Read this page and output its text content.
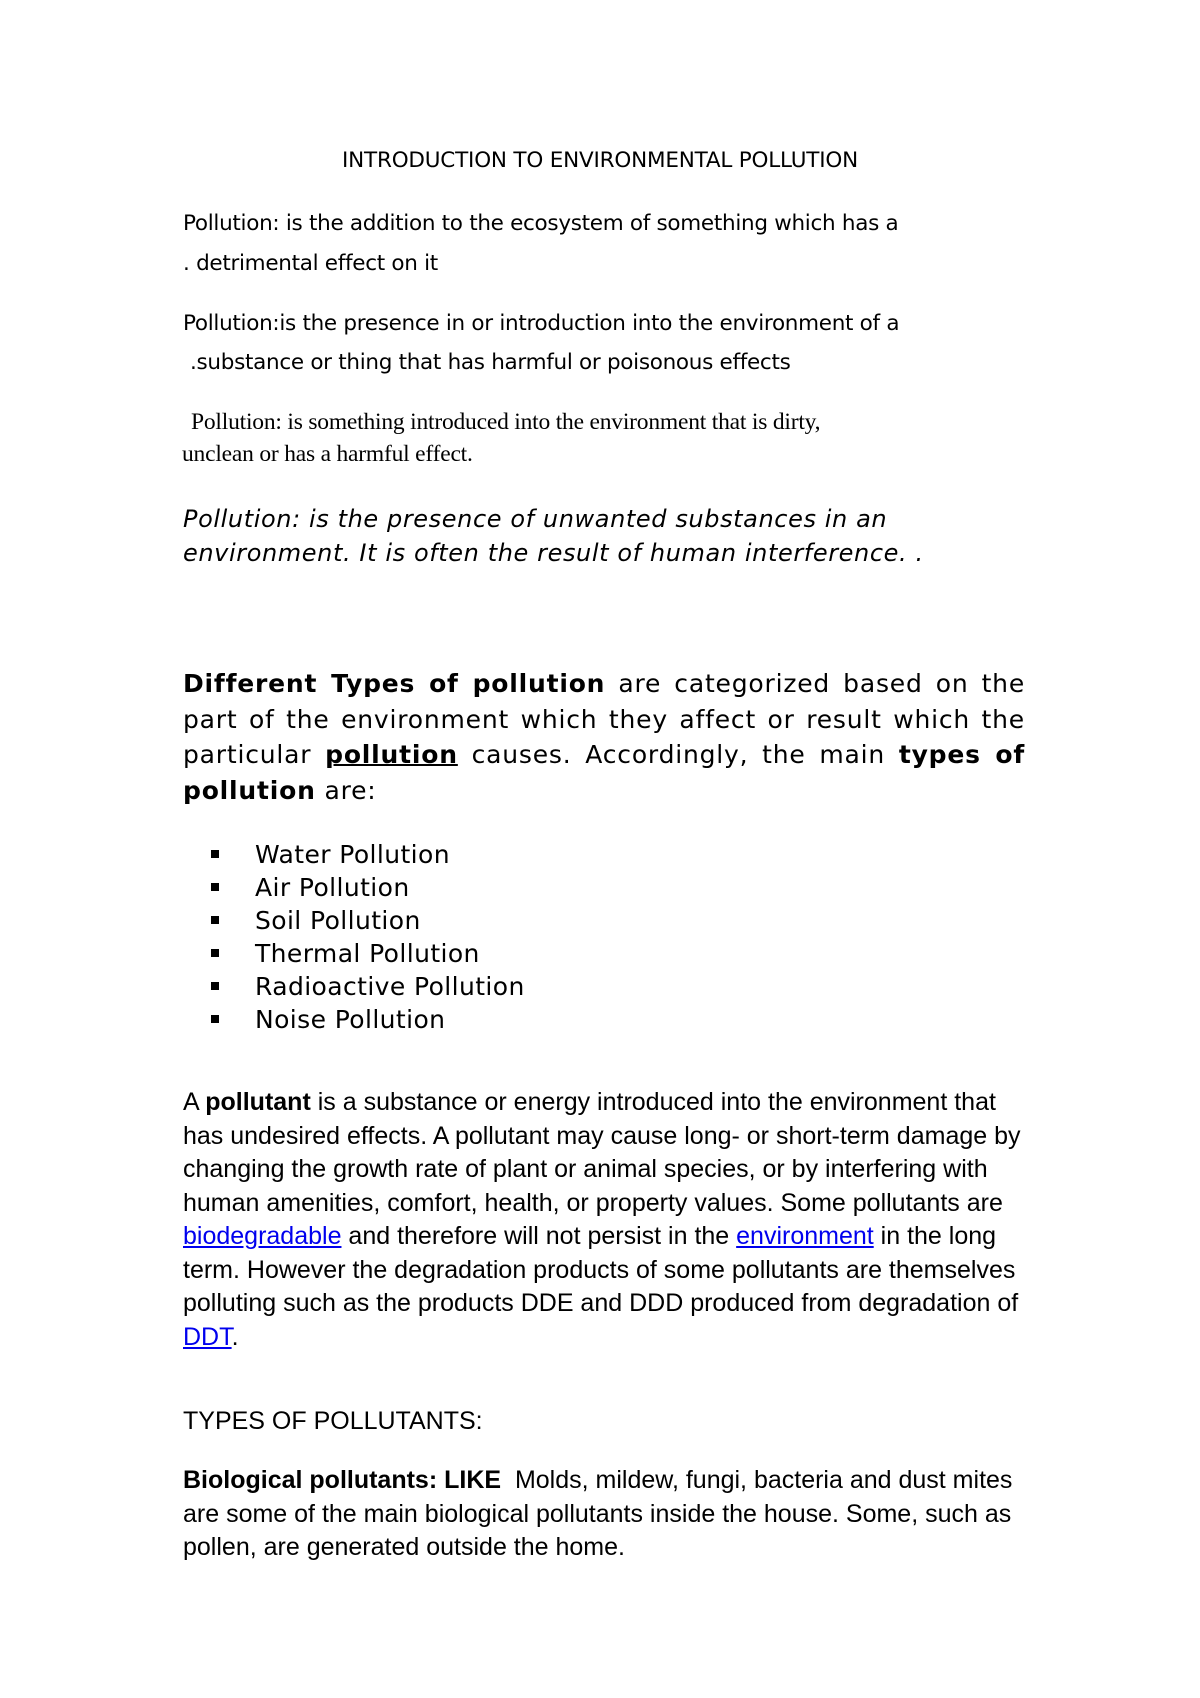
INTRODUCTION TO ENVIRONMENTAL POLLUTION
Pollution: is the addition to the ecosystem of something which has a
. detrimental effect on it
Pollution:is the presence in or introduction into the environment of a
.substance or thing that has harmful or poisonous effects
Pollution: is something introduced into the environment that is dirty,
unclean or has a harmful effect.
Pollution: is the presence of unwanted substances in an
environment. It is often the result of human interference. .
Different Types of pollution are categorized based on the part of the environment which they affect or result which the particular pollution causes. Accordingly, the main types of pollution are:
Water Pollution
Air Pollution
Soil Pollution
Thermal Pollution
Radioactive Pollution
Noise Pollution
A pollutant is a substance or energy introduced into the environment that has undesired effects. A pollutant may cause long- or short-term damage by changing the growth rate of plant or animal species, or by interfering with human amenities, comfort, health, or property values. Some pollutants are biodegradable and therefore will not persist in the environment in the long term. However the degradation products of some pollutants are themselves polluting such as the products DDE and DDD produced from degradation of DDT.
TYPES OF POLLUTANTS:
Biological pollutants: LIKE  Molds, mildew, fungi, bacteria and dust mites are some of the main biological pollutants inside the house. Some, such as pollen, are generated outside the home.
